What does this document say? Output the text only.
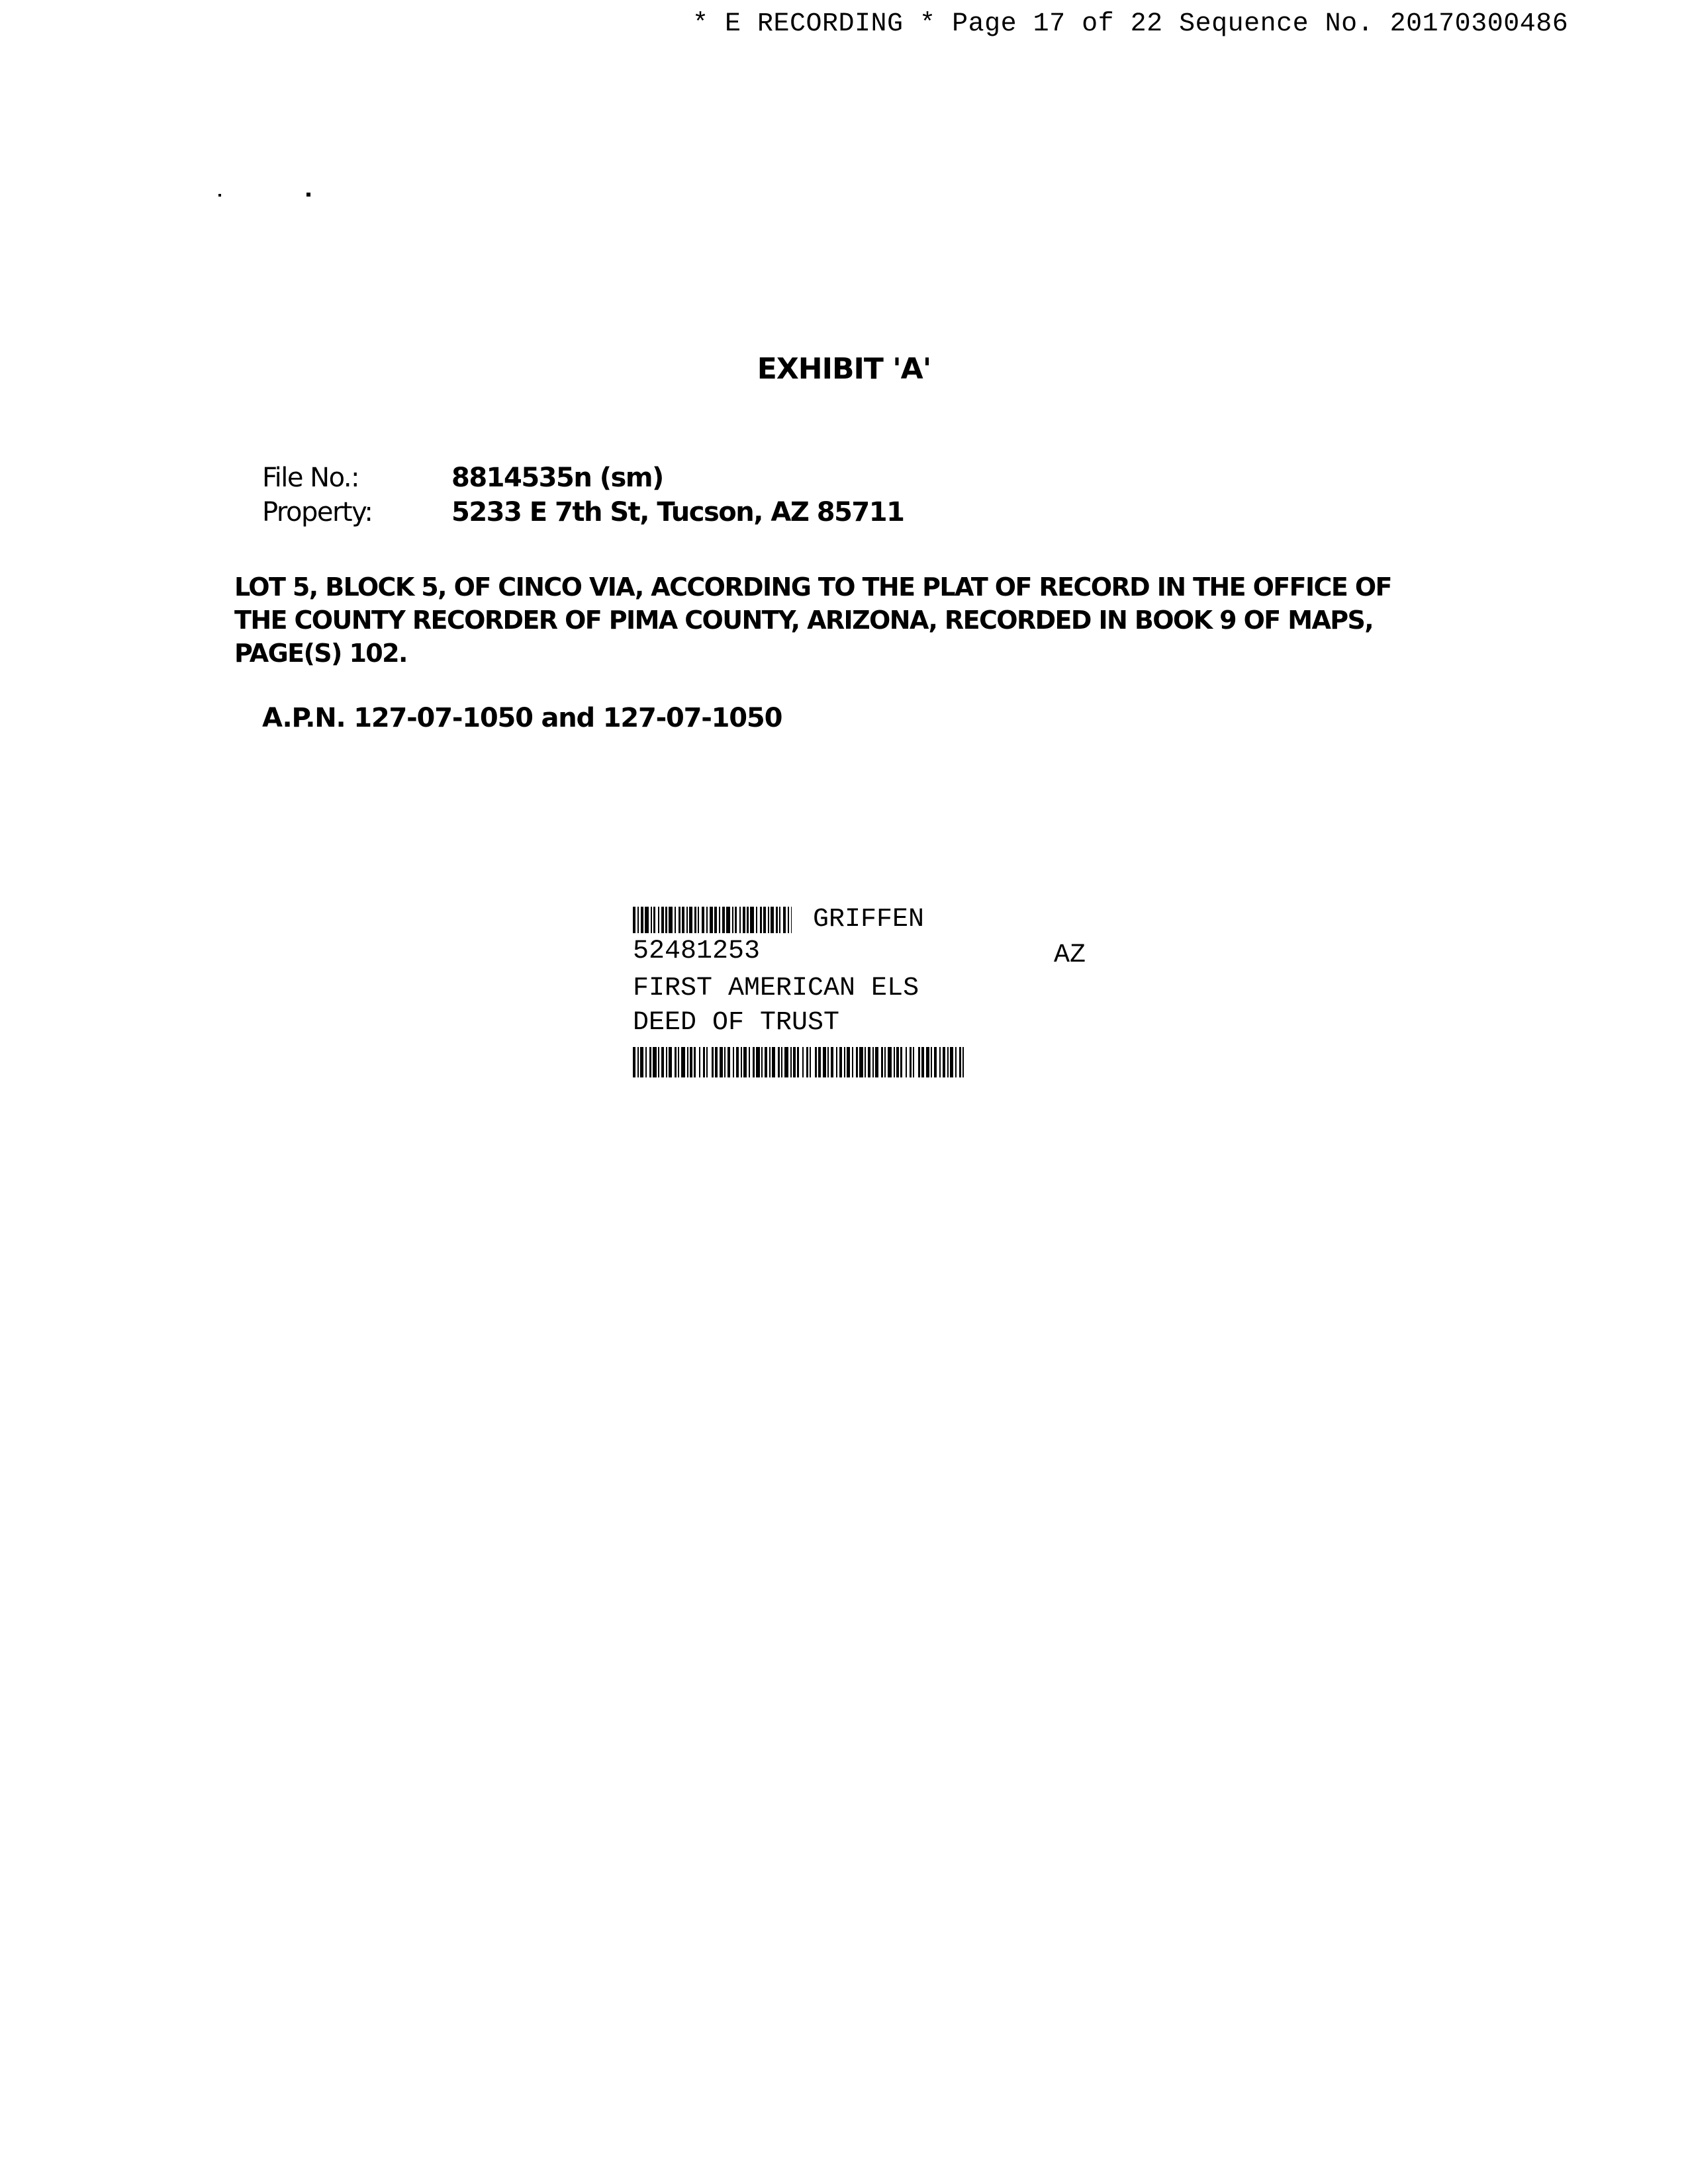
* E RECORDING * Page 17 of 22 Sequence No. 20170300486
EXHIBIT 'A'
File No.:	8814535n (sm)
Property:	5233 E 7th St, Tucson, AZ 85711
LOT 5, BLOCK 5, OF CINCO VIA, ACCORDING TO THE PLAT OF RECORD IN THE OFFICE OF
THE COUNTY RECORDER OF PIMA COUNTY, ARIZONA, RECORDED IN BOOK 9 OF MAPS,
PAGE(S) 102.
A.P.N. 127-07-1050 and 127-07-1050
GRIFFEN
52481253	AZ
FIRST AMERICAN ELS
DEED OF TRUST
